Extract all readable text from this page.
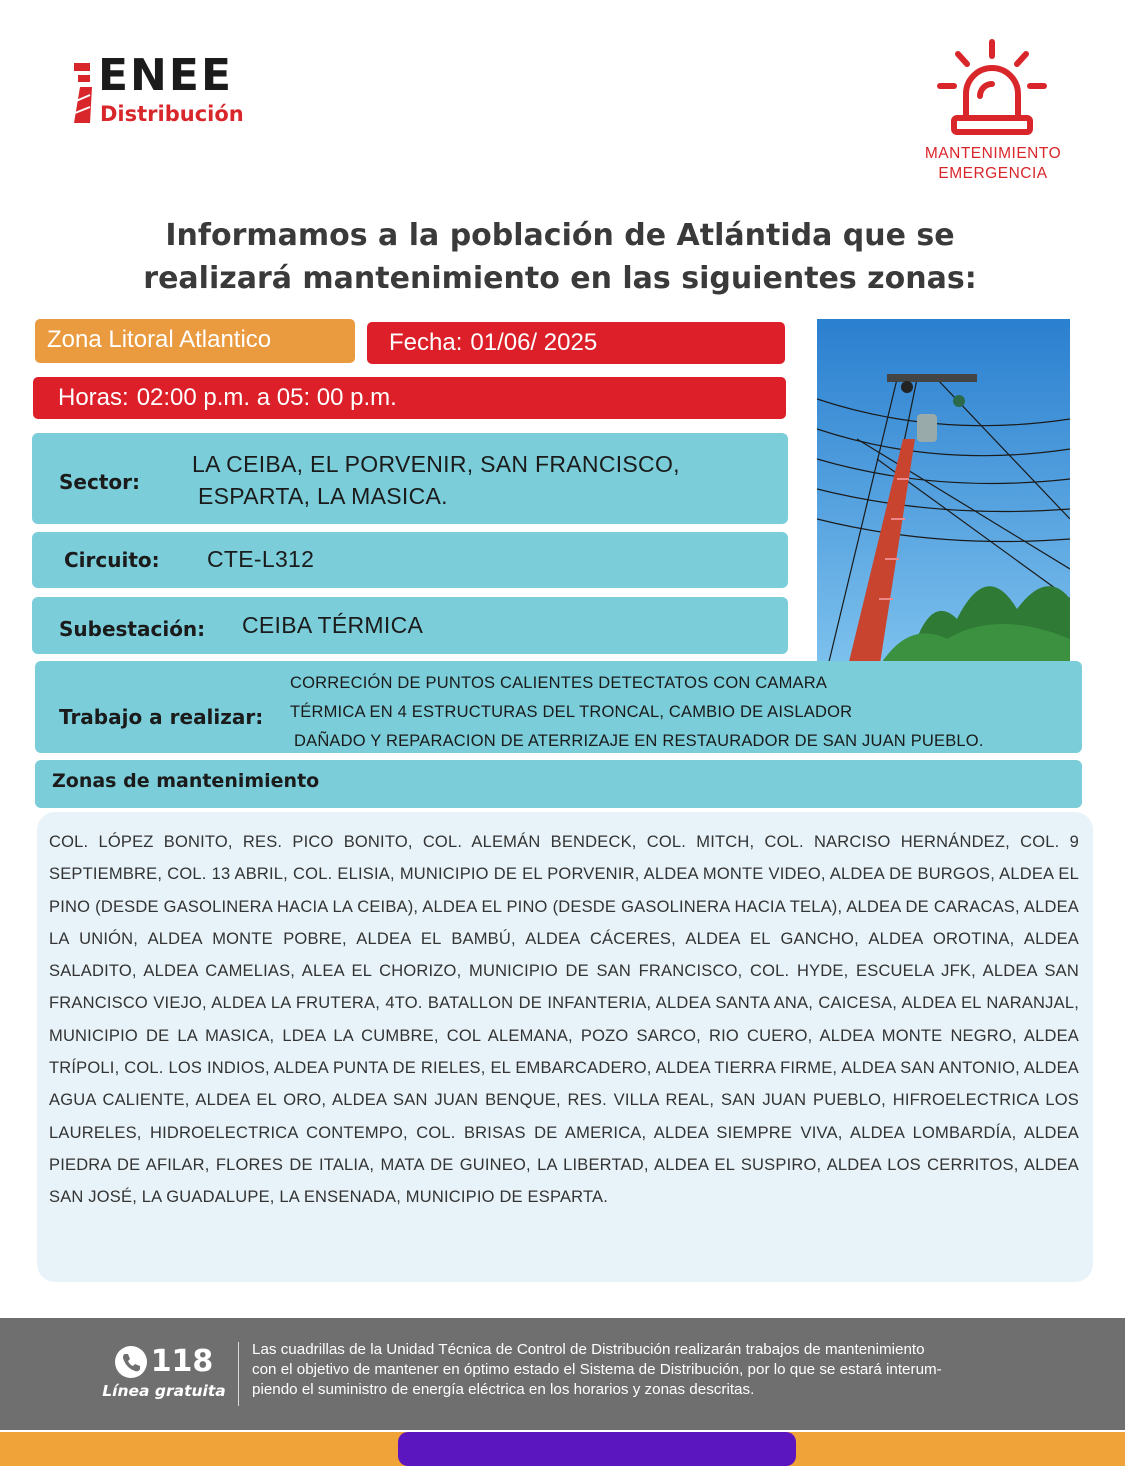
ENEE
Distribución
MANTENIMIENTO
EMERGENCIA
Informamos a la población de Atlántida que se
realizará mantenimiento en las siguientes zonas:
Zona Litoral Atlantico	Fecha: 01/06/ 2025
Horas: 02:00 p.m. a 05: 00 p.m.
Sector:
LA CEIBA, EL PORVENIR, SAN FRANCISCO,
ESPARTA, LA MASICA.
Circuito: CTE-L312
Subestación: CEIBA TÉRMICA
Trabajo a realizar:
CORRECIÓN DE PUNTOS CALIENTES DETECTATOS CON CAMARA
TÉRMICA EN 4 ESTRUCTURAS DEL TRONCAL, CAMBIO DE AISLADOR
DAÑADO Y REPARACION DE ATERRIZAJE EN RESTAURADOR DE SAN JUAN PUEBLO.
Zonas de mantenimiento
COL. LÓPEZ BONITO, RES. PICO BONITO, COL. ALEMÁN BENDECK, COL. MITCH, COL. NARCISO HERNÁNDEZ, COL. 9 SEPTIEMBRE, COL. 13 ABRIL, COL. ELISIA, MUNICIPIO DE EL PORVENIR, ALDEA MONTE VIDEO, ALDEA DE BURGOS, ALDEA EL PINO (DESDE GASOLINERA HACIA LA CEIBA), ALDEA EL PINO (DESDE GASOLINERA HACIA TELA), ALDEA DE CARACAS, ALDEA LA UNIÓN, ALDEA MONTE POBRE, ALDEA EL BAMBÚ, ALDEA CÁCERES, ALDEA EL GANCHO, ALDEA OROTINA, ALDEA SALADITO, ALDEA CAMELIAS, ALEA EL CHORIZO, MUNICIPIO DE SAN FRANCISCO, COL. HYDE, ESCUELA JFK, ALDEA SAN FRANCISCO VIEJO, ALDEA LA FRUTERA, 4TO. BATALLON DE INFANTERIA, ALDEA SANTA ANA, CAICESA, ALDEA EL NARANJAL, MUNICIPIO DE LA MASICA, LDEA LA CUMBRE, COL ALEMANA, POZO SARCO, RIO CUERO, ALDEA MONTE NEGRO, ALDEA TRÍPOLI, COL. LOS INDIOS, ALDEA PUNTA DE RIELES, EL EMBARCADERO, ALDEA TIERRA FIRME, ALDEA SAN ANTONIO, ALDEA AGUA CALIENTE, ALDEA EL ORO, ALDEA SAN JUAN BENQUE, RES. VILLA REAL, SAN JUAN PUEBLO, HIFROELECTRICA LOS LAURELES, HIDROELECTRICA CONTEMPO, COL. BRISAS DE AMERICA, ALDEA SIEMPRE VIVA, ALDEA LOMBARDÍA, ALDEA PIEDRA DE AFILAR, FLORES DE ITALIA, MATA DE GUINEO, LA LIBERTAD, ALDEA EL SUSPIRO, ALDEA LOS CERRITOS, ALDEA SAN JOSÉ, LA GUADALUPE, LA ENSENADA, MUNICIPIO DE ESPARTA.
118
Línea gratuita
Las cuadrillas de la Unidad Técnica de Control de Distribución realizarán trabajos de mantenimiento
con el objetivo de mantener en óptimo estado el Sistema de Distribución, por lo que se estará interum-
piendo el suministro de energía eléctrica en los horarios y zonas descritas.
